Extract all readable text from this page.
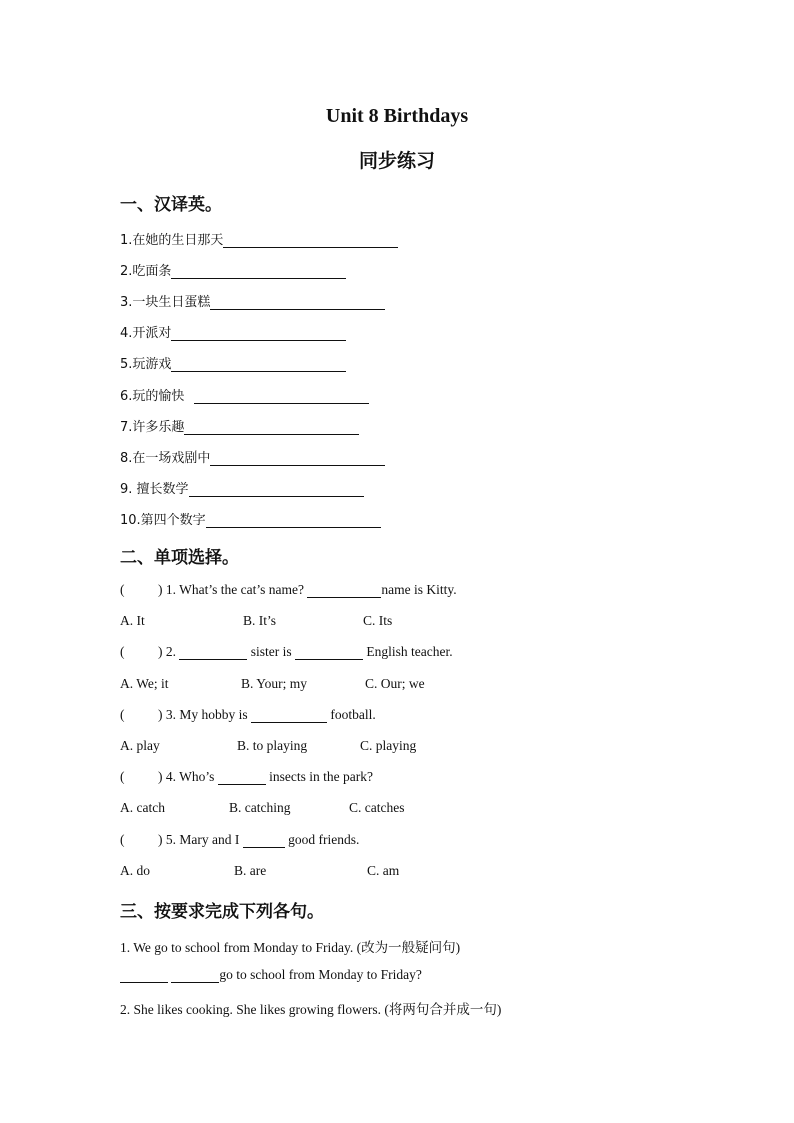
Unit 8 Birthdays
同步练习
一、汉译英。
1.在她的生日那天
2.吃面条
3.一块生日蛋糕
4.开派对
5.玩游戏
6.玩的愉快
7.许多乐趣
8.在一场戏剧中
9. 擅长数学
10.第四个数字
二、单项选择。
( ) 1. What’s the cat’s name?	name is Kitty.
A. It	B. It’s	C. Its
( ) 2.	sister is	English teacher.
A. We; it	B. Your; my	C. Our; we
( ) 3. My hobby is	football.
A. play	B. to playing	C. playing
( ) 4. Who’s	insects in the park?
A. catch	B. catching	C. catches
( ) 5. Mary and I	good friends.
A. do	B. are	C. am
三、按要求完成下列各句。
1. We go to school from Monday to Friday. (改为一般疑问句)
go to school from Monday to Friday?
2. She likes cooking. She likes growing flowers. (将两句合并成一句)
